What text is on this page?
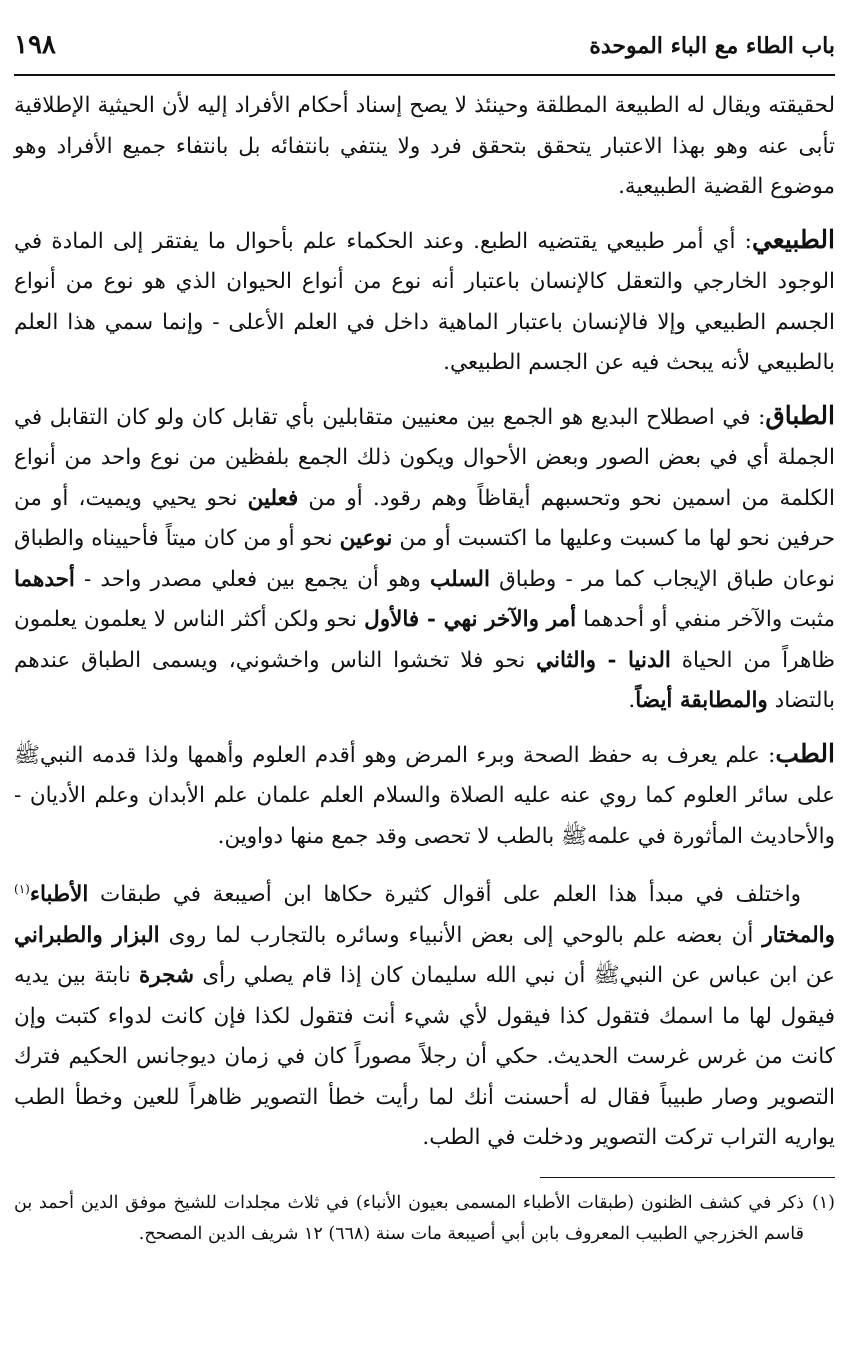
باب الطاء مع الباء الموحدة
١٩٨

لحقيقته ويقال له الطبيعة المطلقة وحينئذ لا يصح إسناد أحكام الأفراد إليه لأن الحيثية الإطلاقية تأبى عنه وهو بهذا الاعتبار يتحقق بتحقق فرد ولا ينتفي بانتفائه بل بانتفاء جميع الأفراد وهو موضوع القضية الطبيعية.

الطبيعي: أي أمر طبيعي يقتضيه الطبع. وعند الحكماء علم بأحوال ما يفتقر إلى المادة في الوجود الخارجي والتعقل كالإنسان باعتبار أنه نوع من أنواع الحيوان الذي هو نوع من أنواع الجسم الطبيعي وإلا فالإنسان باعتبار الماهية داخل في العلم الأعلى - وإنما سمي هذا العلم بالطبيعي لأنه يبحث فيه عن الجسم الطبيعي.

الطباق: في اصطلاح البديع هو الجمع بين معنيين متقابلين بأي تقابل كان ولو كان التقابل في الجملة أي في بعض الصور وبعض الأحوال ويكون ذلك الجمع بلفظين من نوع واحد من أنواع الكلمة من اسمين نحو وتحسبهم أيقاظاً وهم رقود. أو من فعلين نحو يحيي ويميت، أو من حرفين نحو لها ما كسبت وعليها ما اكتسبت أو من نوعين نحو أو من كان ميتاً فأحييناه والطباق نوعان طباق الإيجاب كما مر - وطباق السلب وهو أن يجمع بين فعلي مصدر واحد - أحدهما مثبت والآخر منفي أو أحدهما أمر والآخر نهي - فالأول نحو ولكن أكثر الناس لا يعلمون يعلمون ظاهراً من الحياة الدنيا - والثاني نحو فلا تخشوا الناس واخشوني، ويسمى الطباق عندهم بالتضاد والمطابقة أيضاً.

الطب: علم يعرف به حفظ الصحة وبرء المرض وهو أقدم العلوم وأهمها ولذا قدمه النبيﷺ على سائر العلوم كما روي عنه عليه الصلاة والسلام العلم علمان علم الأبدان وعلم الأديان - والأحاديث المأثورة في علمهﷺ بالطب لا تحصى وقد جمع منها دواوين.

واختلف في مبدأ هذا العلم على أقوال كثيرة حكاها ابن أصيبعة في طبقات الأطباء$^{(١)}$ والمختار أن بعضه علم بالوحي إلى بعض الأنبياء وسائره بالتجارب لما روى البزار والطبراني عن ابن عباس عن النبيﷺ أن نبي الله سليمان كان إذا قام يصلي رأى شجرة نابتة بين يديه فيقول لها ما اسمك فتقول كذا فيقول لأي شيء أنت فتقول لكذا فإن كانت لدواء كتبت وإن كانت من غرس غرست الحديث. حكي أن رجلاً مصوراً كان في زمان ديوجانس الحكيم فترك التصوير وصار طبيباً فقال له أحسنت أنك لما رأيت خطأ التصوير ظاهراً للعين وخطأ الطب يواريه التراب تركت التصوير ودخلت في الطب.

(١)
ذكر في كشف الظنون (طبقات الأطباء المسمى بعيون الأنباء) في ثلاث مجلدات للشيخ موفق الدين أحمد بن قاسم الخزرجي الطبيب المعروف بابن أبي أصيبعة مات سنة (٦٦٨) ١٢ شريف الدين المصحح.
